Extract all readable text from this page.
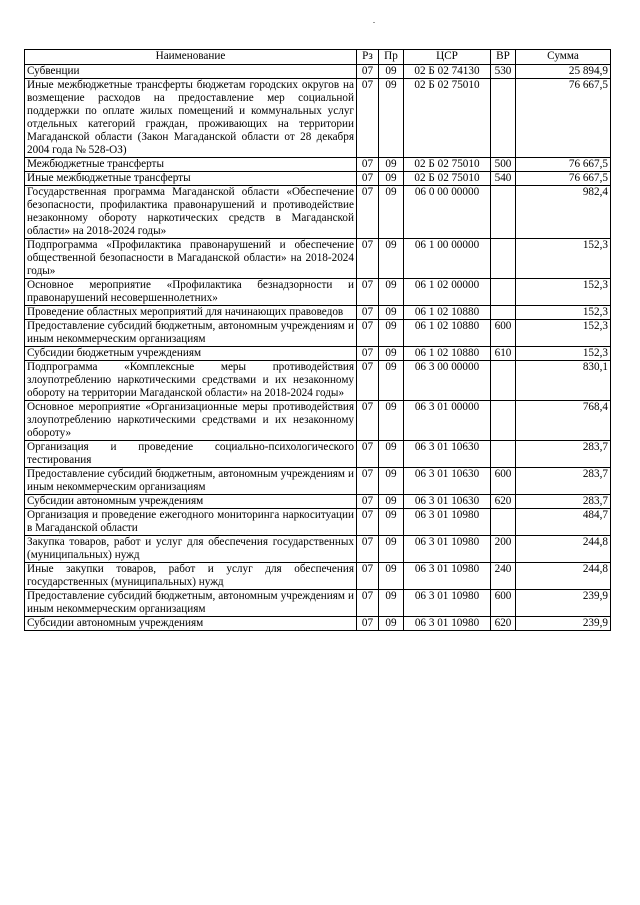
Наименование	Рз	Пр	ЦСР	ВР	Сумма
Субвенции	07	09	02 Б 02 74130	530	25 894,9
Иные межбюджетные трансферты бюджетам городских округов на возмещение расходов на предоставление мер социальной поддержки по оплате жилых помещений и коммунальных услуг отдельных категорий граждан, проживающих на территории Магаданской области (Закон Магаданской области от 28 декабря 2004 года № 528-ОЗ)	07	09	02 Б 02 75010		76 667,5
Межбюджетные трансферты	07	09	02 Б 02 75010	500	76 667,5
Иные межбюджетные трансферты	07	09	02 Б 02 75010	540	76 667,5
Государственная программа Магаданской области «Обеспечение безопасности, профилактика правонарушений и противодействие незаконному обороту наркотических средств в Магаданской области» на 2018-2024 годы»	07	09	06 0 00 00000		982,4
Подпрограмма «Профилактика правонарушений и обеспечение общественной безопасности в Магаданской области» на 2018-2024 годы»	07	09	06 1 00 00000		152,3
Основное мероприятие «Профилактика безнадзорности и правонарушений несовершеннолетних»	07	09	06 1 02 00000		152,3
Проведение областных мероприятий для начинающих правоведов	07	09	06 1 02 10880		152,3
Предоставление субсидий бюджетным, автономным учреждениям и иным некоммерческим организациям	07	09	06 1 02 10880	600	152,3
Субсидии бюджетным учреждениям	07	09	06 1 02 10880	610	152,3
Подпрограмма «Комплексные меры противодействия злоупотреблению наркотическими средствами и их незаконному обороту на территории Магаданской области» на 2018-2024 годы»	07	09	06 3 00 00000		830,1
Основное мероприятие «Организационные меры противодействия злоупотреблению наркотическими средствами и их незаконному обороту»	07	09	06 3 01 00000		768,4
Организация и проведение социально-психологического тестирования	07	09	06 3 01 10630		283,7
Предоставление субсидий бюджетным, автономным учреждениям и иным некоммерческим организациям	07	09	06 3 01 10630	600	283,7
Субсидии автономным учреждениям	07	09	06 3 01 10630	620	283,7
Организация и проведение ежегодного мониторинга наркоситуации в Магаданской области	07	09	06 3 01 10980		484,7
Закупка товаров, работ и услуг для обеспечения государственных (муниципальных) нужд	07	09	06 3 01 10980	200	244,8
Иные закупки товаров, работ и услуг для обеспечения государственных (муниципальных) нужд	07	09	06 3 01 10980	240	244,8
Предоставление субсидий бюджетным, автономным учреждениям и иным некоммерческим организациям	07	09	06 3 01 10980	600	239,9
Субсидии автономным учреждениям	07	09	06 3 01 10980	620	239,9
